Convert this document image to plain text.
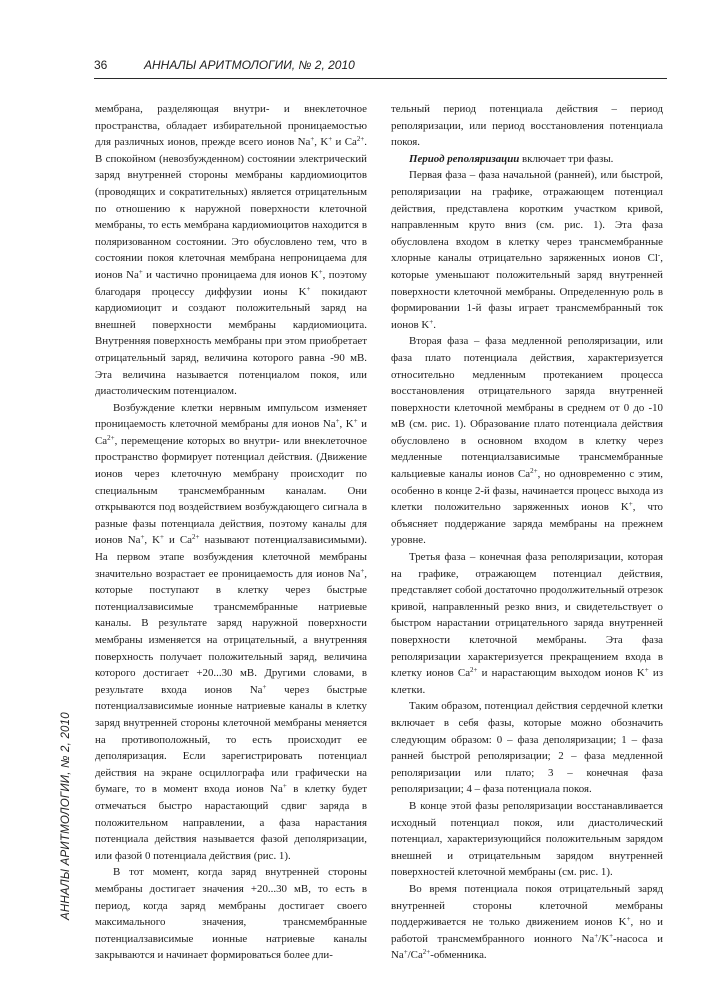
36	АННАЛЫ АРИТМОЛОГИИ, № 2, 2010
АННАЛЫ АРИТМОЛОГИИ, № 2, 2010

мембрана, разделяющая внутри- и внеклеточное пространства, обладает избирательной проницаемостью для различных ионов, прежде всего ионов Na+, K+ и $Ca^{2+}$. В спокойном (невозбужденном) состоянии электрический заряд внутренней стороны мембраны кардиомиоцитов (проводящих и сократительных) является отрицательным по отношению к наружной поверхности клеточной мембраны, то есть мембрана кардиомиоцитов находится в поляризованном состоянии. Это обусловлено тем, что в состоянии покоя клеточная мембрана непроницаема для ионов Na+ и частично проницаема для ионов K+, поэтому благодаря процессу диффузии ионы K+ покидают кардиомиоцит и создают положительный заряд на внешней поверхности мембраны кардиомиоцита. Внутренняя поверхность мембраны при этом приобретает отрицательный заряд, величина которого равна -90 мВ. Эта величина называется потенциалом покоя, или диастолическим потенциалом.

Возбуждение клетки нервным импульсом изменяет проницаемость клеточной мембраны для ионов Na+, K+ и $Ca^{2+}$, перемещение которых во внутри- или внеклеточное пространство формирует потенциал действия. (Движение ионов через клеточную мембрану происходит по специальным трансмембранным каналам. Они открываются под воздействием возбуждающего сигнала в разные фазы потенциала действия, поэтому каналы для ионов Na+, K+ и $Ca^{2+}$ называют потенциалзависимыми). На первом этапе возбуждения клеточной мембраны значительно возрастает ее проницаемость для ионов Na+, которые поступают в клетку через быстрые потенциалзависимые трансмембранные натриевые каналы. В результате заряд наружной поверхности мембраны изменяется на отрицательный, а внутренняя поверхность получает положительный заряд, величина которого достигает +20...30 мВ. Другими словами, в результате входа ионов Na+ через быстрые потенциалзависимые ионные натриевые каналы в клетку заряд внутренней стороны клеточной мембраны меняется на противоположный, то есть происходит ее деполяризация. Если зарегистрировать потенциал действия на экране осциллографа или графически на бумаге, то в момент входа ионов Na+ в клетку будет отмечаться быстро нарастающий сдвиг заряда в положительном направлении, а фаза нарастания потенциала действия называется фазой деполяризации, или фазой 0 потенциала действия (рис. 1).

В тот момент, когда заряд внутренней стороны мембраны достигает значения +20...30 мВ, то есть в период, когда заряд мембраны достигает своего максимального значения, трансмембранные потенциалзависимые ионные натриевые каналы закрываются и начинает формироваться более дли-

тельный период потенциала действия – период реполяризации, или период восстановления потенциала покоя.

Период реполяризации включает три фазы.

Первая фаза – фаза начальной (ранней), или быстрой, реполяризации на графике, отражающем потенциал действия, представлена коротким участком кривой, направленным круто вниз (см. рис. 1). Эта фаза обусловлена входом в клетку через трансмембранные хлорные каналы отрицательно заряженных ионов Cl-, которые уменьшают положительный заряд внутренней поверхности клеточной мембраны. Определенную роль в формировании 1-й фазы играет трансмембранный ток ионов K+.

Вторая фаза – фаза медленной реполяризации, или фаза плато потенциала действия, характеризуется относительно медленным протеканием процесса восстановления отрицательного заряда внутренней поверхности клеточной мембраны в среднем от 0 до -10 мВ (см. рис. 1). Образование плато потенциала действия обусловлено в основном входом в клетку через медленные потенциалзависимые трансмембранные кальциевые каналы ионов $Ca^{2+}$, но одновременно с этим, особенно в конце 2-й фазы, начинается процесс выхода из клетки положительно заряженных ионов K+, что объясняет поддержание заряда мембраны на прежнем уровне.

Третья фаза – конечная фаза реполяризации, которая на графике, отражающем потенциал действия, представляет собой достаточно продолжительный отрезок кривой, направленный резко вниз, и свидетельствует о быстром нарастании отрицательного заряда внутренней поверхности клеточной мембраны. Эта фаза реполяризации характеризуется прекращением входа в клетку ионов $Ca^{2+}$ и нарастающим выходом ионов K+ из клетки.

Таким образом, потенциал действия сердечной клетки включает в себя фазы, которые можно обозначить следующим образом: 0 – фаза деполяризации; 1 – фаза ранней быстрой реполяризации; 2 – фаза медленной реполяризации или плато; 3 – конечная фаза реполяризации; 4 – фаза потенциала покоя.

В конце этой фазы реполяризации восстанавливается исходный потенциал покоя, или диастолический потенциал, характеризующийся положительным зарядом внешней и отрицательным зарядом внутренней поверхностей клеточной мембраны (см. рис. 1).

Во время потенциала покоя отрицательный заряд внутренней стороны клеточной мембраны поддерживается не только движением ионов K+, но и работой трансмембранного ионного Na+/K+-насоса и $Na^+/Ca^{2+}$-обменника.
